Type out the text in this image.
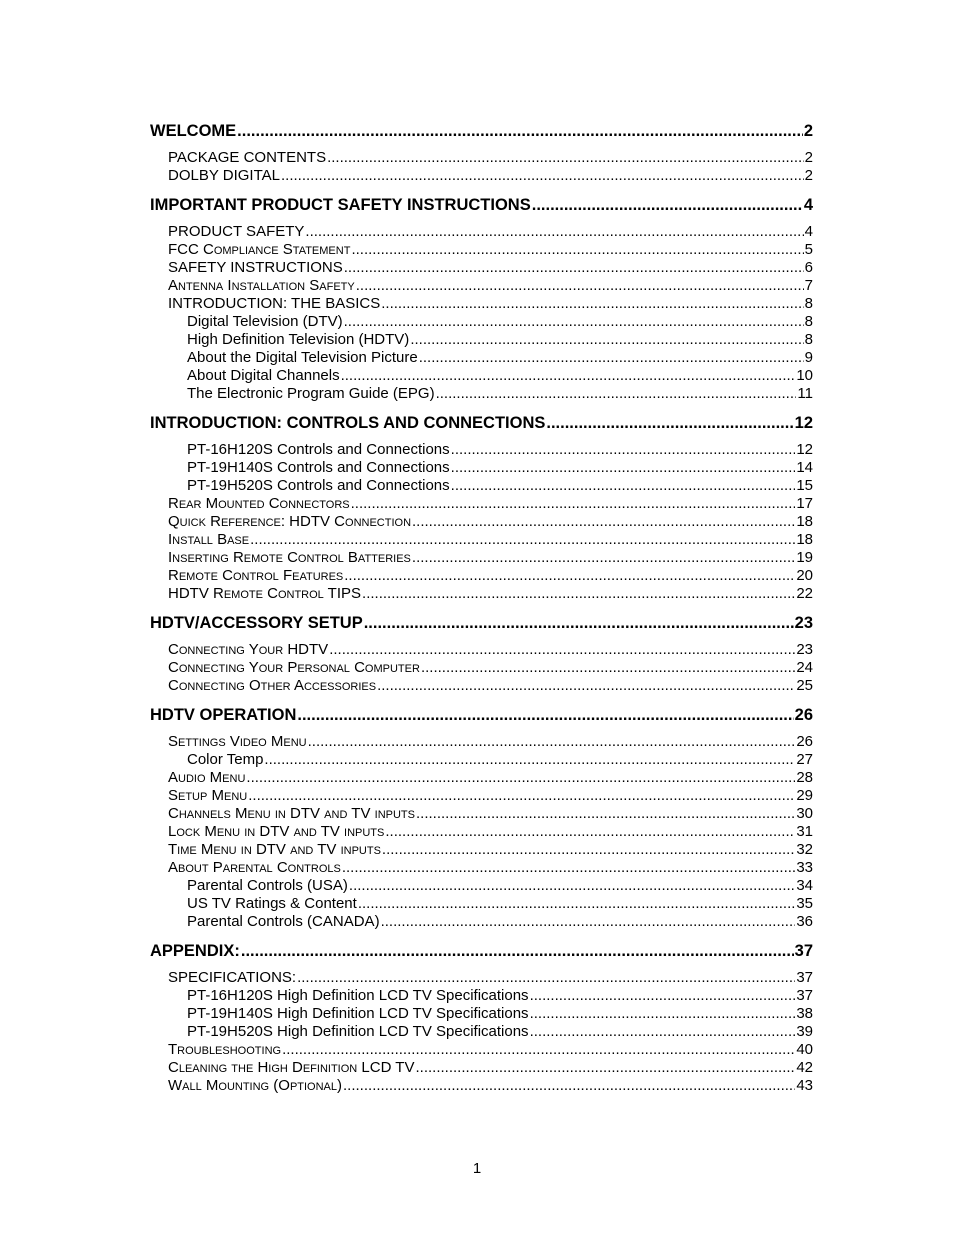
WELCOME .....	2
PACKAGE CONTENTS .....	2
DOLBY DIGITAL .....	2
IMPORTANT PRODUCT SAFETY INSTRUCTIONS .....	4
PRODUCT SAFETY .....	4
FCC Compliance Statement .....	5
SAFETY INSTRUCTIONS .....	6
Antenna Installation Safety .....	7
INTRODUCTION: THE BASICS .....	8
Digital Television (DTV) .....	8
High Definition Television (HDTV) .....	8
About the Digital Television Picture .....	9
About Digital Channels .....	10
The Electronic Program Guide (EPG) .....	11
INTRODUCTION: CONTROLS AND CONNECTIONS .....	12
PT-16H120S Controls and Connections .....	12
PT-19H140S Controls and Connections .....	14
PT-19H520S Controls and Connections .....	15
Rear Mounted Connectors .....	17
Quick Reference: HDTV Connection .....	18
Install Base .....	18
Inserting Remote Control Batteries .....	19
Remote Control Features .....	20
HDTV Remote Control TIPS .....	22
HDTV/ACCESSORY SETUP .....	23
Connecting Your HDTV .....	23
Connecting Your Personal Computer .....	24
Connecting Other Accessories .....	25
HDTV OPERATION .....	26
Settings Video Menu .....	26
Color Temp .....	27
Audio Menu .....	28
Setup Menu .....	29
Channels Menu in DTV and TV inputs .....	30
Lock Menu in DTV and TV inputs .....	31
Time Menu in DTV and TV inputs .....	32
About Parental Controls .....	33
Parental Controls (USA) .....	34
US TV Ratings & Content .....	35
Parental Controls (CANADA) .....	36
APPENDIX: .....	37
SPECIFICATIONS: .....	37
PT-16H120S High Definition LCD TV Specifications .....	37
PT-19H140S High Definition LCD TV Specifications .....	38
PT-19H520S High Definition LCD TV Specifications .....	39
Troubleshooting .....	40
Cleaning the High Definition LCD TV .....	42
Wall Mounting (Optional) .....	43
1
